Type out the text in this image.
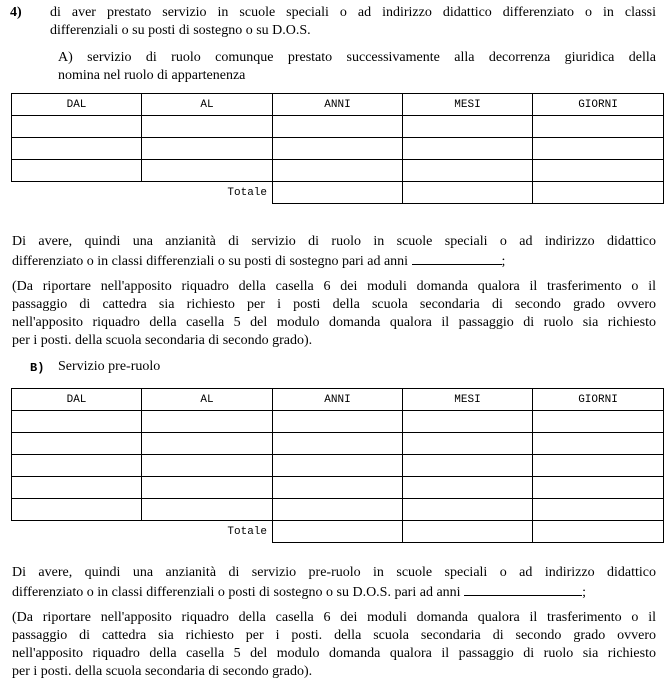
4)	di aver prestato servizio in scuole speciali o ad indirizzo didattico differenziato o in classi
differenziali o su posti di sostegno o su D.O.S.
A) servizio di ruolo comunque prestato successivamente alla decorrenza giuridica della
nomina nel ruolo di appartenenza
DAL	AL	ANNI	MESI	GIORNI

	Totale			
Di avere, quindi una anzianità di servizio di ruolo in scuole speciali o ad indirizzo didattico
differenziato o in classi differenziali o su posti di sostegno pari ad anni	;
(Da riportare nell'apposito riquadro della casella 6 dei moduli domanda qualora il trasferimento o il
passaggio di cattedra sia richiesto per i posti della scuola secondaria di secondo grado ovvero
nell'apposito riquadro della casella 5 del modulo domanda qualora il passaggio di ruolo sia richiesto
per i posti. della scuola secondaria di secondo grado).
B) Servizio pre-ruolo
DAL	AL	ANNI	MESI	GIORNI

	Totale			
Di avere, quindi una anzianità di servizio pre-ruolo in scuole speciali o ad indirizzo didattico
differenziato o in classi differenziali o posti di sostegno o su D.O.S. pari ad anni	;
(Da riportare nell'apposito riquadro della casella 6 dei moduli domanda qualora il trasferimento o il
passaggio di cattedra sia richiesto per i posti. della scuola secondaria di secondo grado ovvero
nell'apposito riquadro della casella 5 del modulo domanda qualora il passaggio di ruolo sia richiesto
per i posti. della scuola secondaria di secondo grado).
